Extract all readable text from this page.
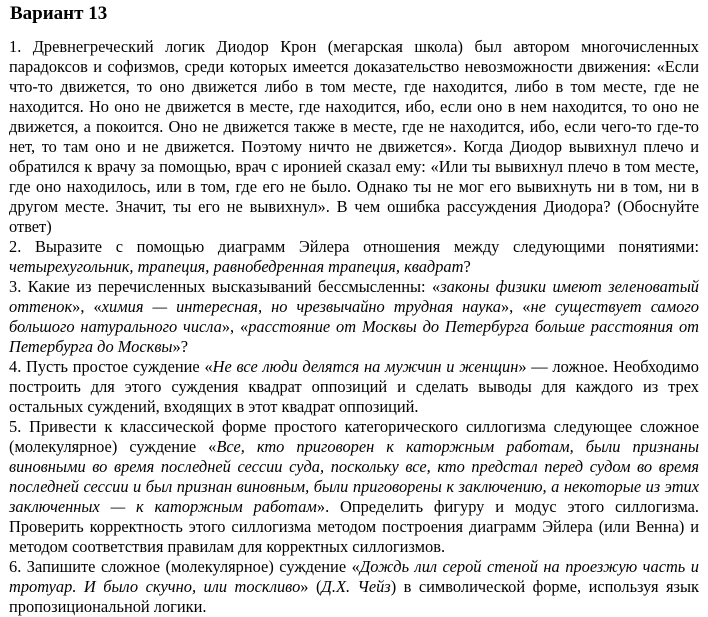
Вариант 13

1. Древнегреческий логик Диодор Крон (мегарская школа) был автором многочисленных парадоксов и софизмов, среди которых имеется доказательство невозможности движения: «Если что-то движется, то оно движется либо в том месте, где находится, либо в том месте, где не находится. Но оно не движется в месте, где находится, ибо, если оно в нем находится, то оно не движется, а покоится. Оно не движется также в месте, где не находится, ибо, если чего-то где-то нет, то там оно и не движется. Поэтому ничто не движется». Когда Диодор вывихнул плечо и обратился к врачу за помощью, врач с иронией сказал ему: «Или ты вывихнул плечо в том месте, где оно находилось, или в том, где его не было. Однако ты не мог его вывихнуть ни в том, ни в другом месте. Значит, ты его не вывихнул». В чем ошибка рассуждения Диодора? (Обоснуйте ответ)

2. Выразите с помощью диаграмм Эйлера отношения между следующими понятиями: четырехугольник, трапеция, равнобедренная трапеция, квадрат?

3. Какие из перечисленных высказываний бессмысленны: «законы физики имеют зеленоватый оттенок», «химия — интересная, но чрезвычайно трудная наука», «не существует самого большого натурального числа», «расстояние от Москвы до Петербурга больше расстояния от Петербурга до Москвы»?

4. Пусть простое суждение «Не все люди делятся на мужчин и женщин» — ложное. Необходимо построить для этого суждения квадрат оппозиций и сделать выводы для каждого из трех остальных суждений, входящих в этот квадрат оппозиций.

5. Привести к классической форме простого категорического силлогизма следующее сложное (молекулярное) суждение «Все, кто приговорен к каторжным работам, были признаны виновными во время последней сессии суда, поскольку все, кто предстал перед судом во время последней сессии и был признан виновным, были приговорены к заключению, а некоторые из этих заключенных — к каторжным работам». Определить фигуру и модус этого силлогизма. Проверить корректность этого силлогизма методом построения диаграмм Эйлера (или Венна) и методом соответствия правилам для корректных силлогизмов.

6. Запишите сложное (молекулярное) суждение «Дождь лил серой стеной на проезжую часть и тротуар. И было скучно, или тоскливо» (Д.Х. Чейз) в символической форме, используя язык пропозициональной логики.
